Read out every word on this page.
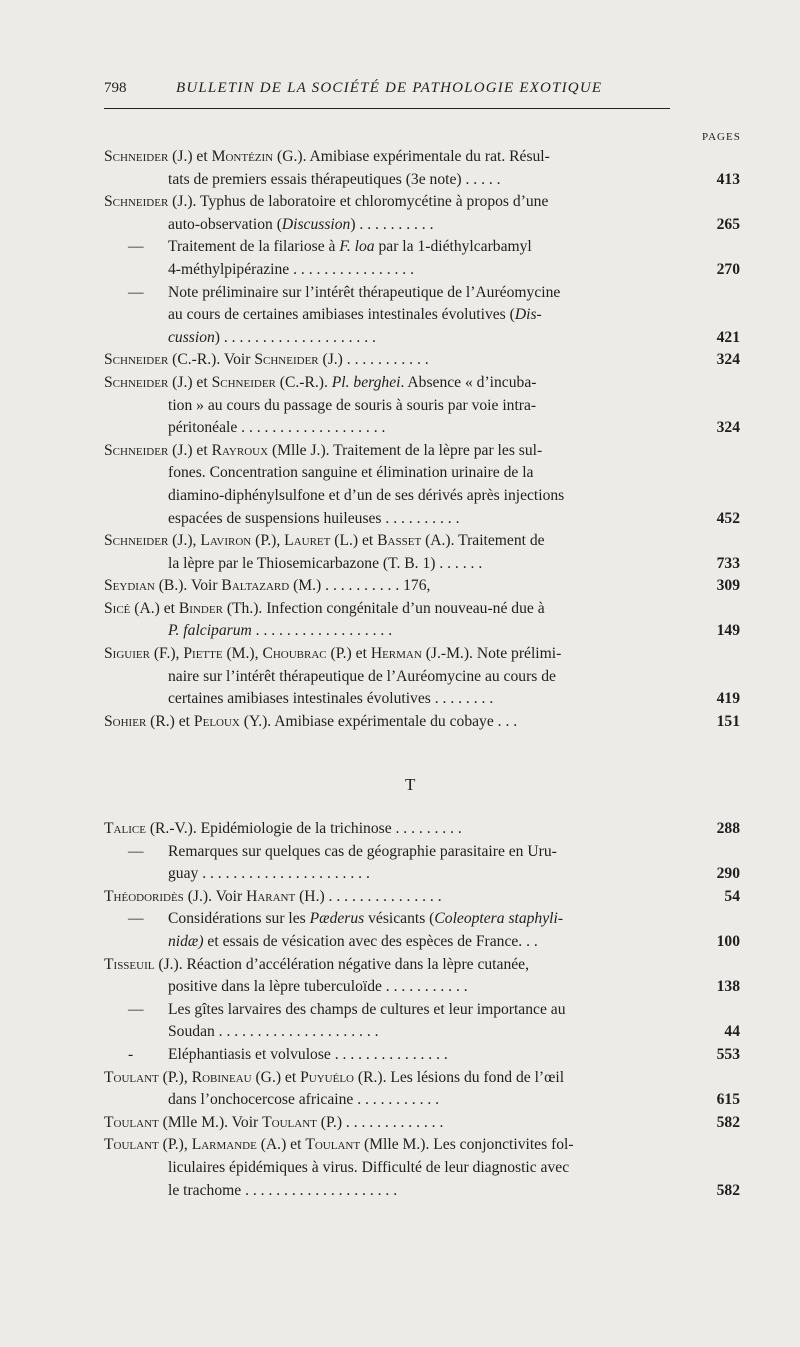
798	BULLETIN DE LA SOCIÉTÉ DE PATHOLOGIE EXOTIQUE
PAGES
Schneider (J.) et Montézin (G.). Amibiase expérimentale du rat. Résul-
tats de premiers essais thérapeutiques (3e note) . . . . .	413
Schneider (J.). Typhus de laboratoire et chloromycétine à propos d’une
auto-observation (Discussion) . . . . . . . . . .	265
— Traitement de la filariose à F. loa par la 1-diéthylcarbamyl
4-méthylpipérazine . . . . . . . . . . . . . . . .	270
— Note préliminaire sur l’intérêt thérapeutique de l’Auréomycine
au cours de certaines amibiases intestinales évolutives (Dis-
cussion) . . . . . . . . . . . . . . . . . . . .	421
Schneider (C.-R.). Voir Schneider (J.) . . . . . . . . . . .	324
Schneider (J.) et Schneider (C.-R.). Pl. berghei. Absence « d’incuba-
tion » au cours du passage de souris à souris par voie intra-
péritonéale . . . . . . . . . . . . . . . . . . .	324
Schneider (J.) et Rayroux (Mlle J.). Traitement de la lèpre par les sul-
fones. Concentration sanguine et élimination urinaire de la
diamino-diphénylsulfone et d’un de ses dérivés après injections
espacées de suspensions huileuses . . . . . . . . . .	452
Schneider (J.), Laviron (P.), Lauret (L.) et Basset (A.). Traitement de
la lèpre par le Thiosemicarbazone (T. B. 1) . . . . . .	733
Seydian (B.). Voir Baltazard (M.) . . . . . . . . . . 176,	309
Sicé (A.) et Binder (Th.). Infection congénitale d’un nouveau-né due à
P. falciparum . . . . . . . . . . . . . . . . . .	149
Siguier (F.), Piette (M.), Choubrac (P.) et Herman (J.-M.). Note prélimi-
naire sur l’intérêt thérapeutique de l’Auréomycine au cours de
certaines amibiases intestinales évolutives . . . . . . . .	419
Sohier (R.) et Peloux (Y.). Amibiase expérimentale du cobaye . . .	151
T
Talice (R.-V.). Epidémiologie de la trichinose . . . . . . . . .	288
— Remarques sur quelques cas de géographie parasitaire en Uru-
guay . . . . . . . . . . . . . . . . . . . . . .	290
Théodoridès (J.). Voir Harant (H.) . . . . . . . . . . . . . . .	54
— Considérations sur les Pæderus vésicants (Coleoptera staphyli-
nidæ) et essais de vésication avec des espèces de France. . .	100
Tisseuil (J.). Réaction d’accélération négative dans la lèpre cutanée,
positive dans la lèpre tuberculoïde . . . . . . . . . . .	138
— Les gîtes larvaires des champs de cultures et leur importance au
Soudan . . . . . . . . . . . . . . . . . . . . .	44
- Eléphantiasis et volvulose . . . . . . . . . . . . . . .	553
Toulant (P.), Robineau (G.) et Puyuélo (R.). Les lésions du fond de l’œil
dans l’onchocercose africaine . . . . . . . . . . .	615
Toulant (Mlle M.). Voir Toulant (P.) . . . . . . . . . . . . .	582
Toulant (P.), Larmande (A.) et Toulant (Mlle M.). Les conjonctivites fol-
liculaires épidémiques à virus. Difficulté de leur diagnostic avec
le trachome . . . . . . . . . . . . . . . . . . . .	582
